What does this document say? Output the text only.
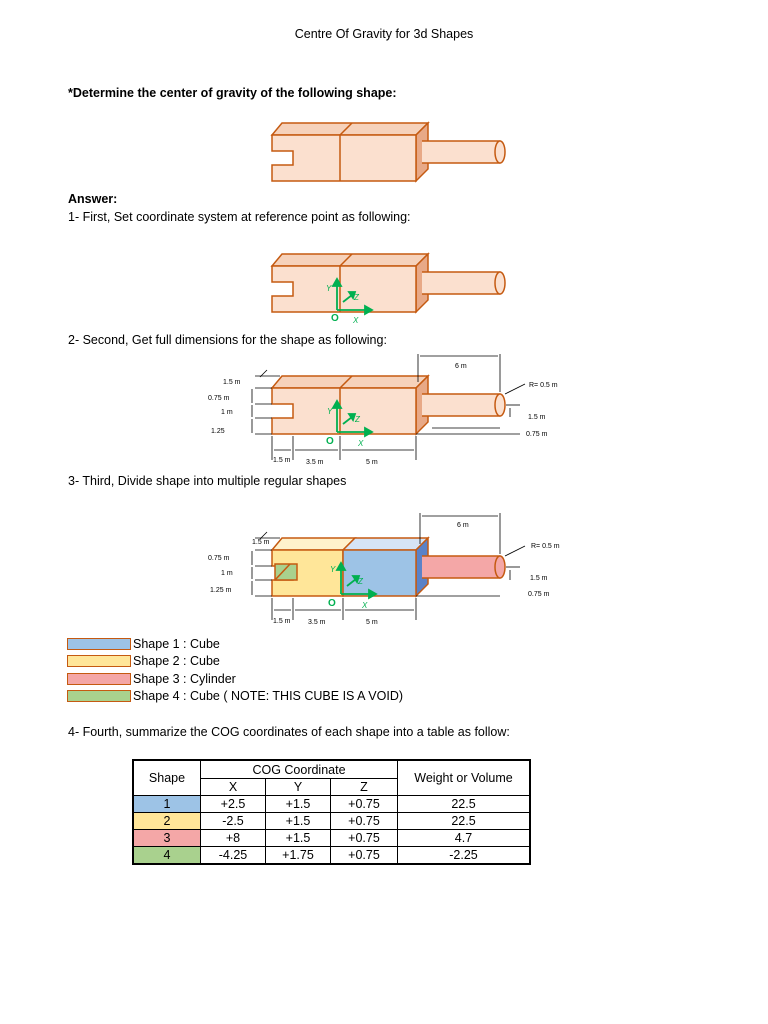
Centre Of Gravity for 3d Shapes
*Determine the center of gravity of the following shape:
Answer:
1- First, Set coordinate system at reference point as following:
Y
Z
O X
2- Second, Get full dimensions for the shape as following:
Y
Z
O	X
1.5 m
0.75 m
1 m
1.25
1.5 m 3.5 m	5 m
6 m
R= 0.5 m
1.5 m
0.75 m
3- Third, Divide shape into multiple regular shapes
Y
Z
O	X
1.5 m
0.75 m
1 m
1.25 m
1.5 m 3.5 m	5 m
6 m
R= 0.5 m
1.5 m
0.75 m
Shape 1 : Cube
Shape 2 : Cube
Shape 3 : Cylinder
Shape 4 : Cube ( NOTE: THIS CUBE IS A VOID)
4- Fourth, summarize the COG coordinates of each shape into a table as follow:
Shape	COG Coordinate			Weight or Volume
	X	Y	Z	
1	+2.5	+1.5	+0.75	22.5
2	-2.5	+1.5	+0.75	22.5
3	+8	+1.5	+0.75	4.7
4	-4.25	+1.75	+0.75	-2.25
